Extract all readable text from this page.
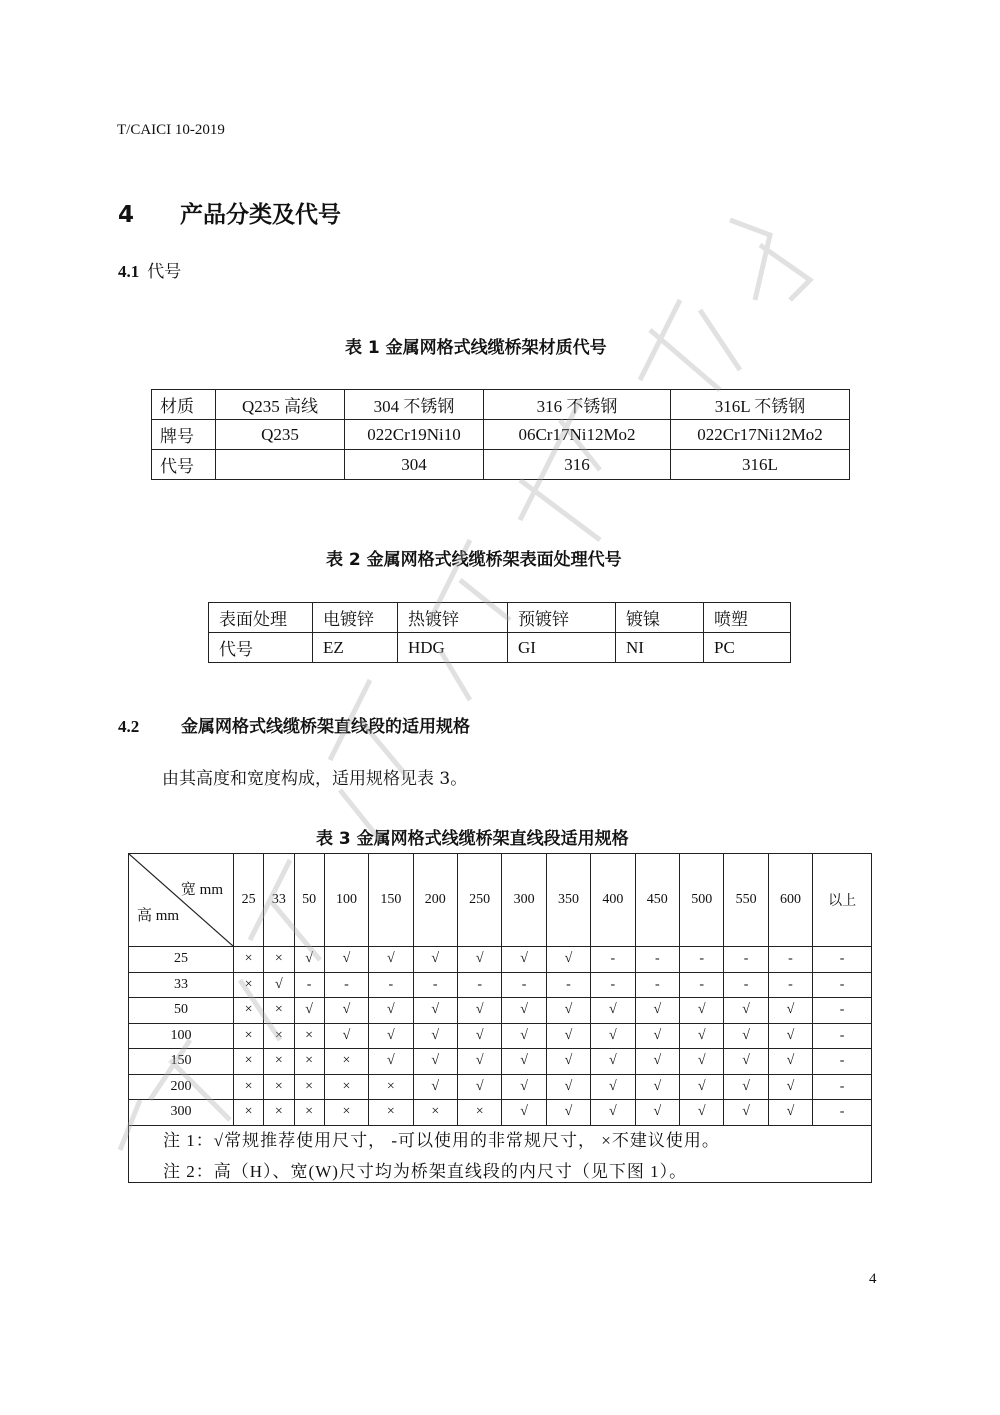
T/CAICI 10-2019
4 产品分类及代号
4.1 代号
表 1 金属网格式线缆桥架材质代号
材质	Q235 高线	304 不锈钢	316 不锈钢	316L 不锈钢
牌号	Q235	022Cr19Ni10	06Cr17Ni12Mo2	022Cr17Ni12Mo2
代号		304	316	316L
表 2 金属网格式线缆桥架表面处理代号
表面处理	电镀锌	热镀锌	预镀锌	镀镍	喷塑
代号	EZ	HDG	GI	NI	PC
4.2 金属网格式线缆桥架直线段的适用规格
由其高度和宽度构成，适用规格见表 3。
表 3 金属网格式线缆桥架直线段适用规格
宽 mm
高 mm	25	33	50	100	150	200	250	300	350	400	450	500	550	600	以上
25	×	×	√	√	√	√	√	√	√	-	-	-	-	-	-
33	×	√	-	-	-	-	-	-	-	-	-	-	-	-	-
50	×	×	√	√	√	√	√	√	√	√	√	√	√	√	-
100	×	×	×	√	√	√	√	√	√	√	√	√	√	√	-
150	×	×	×	×	√	√	√	√	√	√	√	√	√	√	-
200	×	×	×	×	×	√	√	√	√	√	√	√	√	√	-
300	×	×	×	×	×	×	×	√	√	√	√	√	√	√	-

注 1：√常规推荐使用尺寸， -可以使用的非常规尺寸， ×不建议使用。
注 2：高（H）、宽(W)尺寸均为桥架直线段的内尺寸（见下图 1）。															
4
